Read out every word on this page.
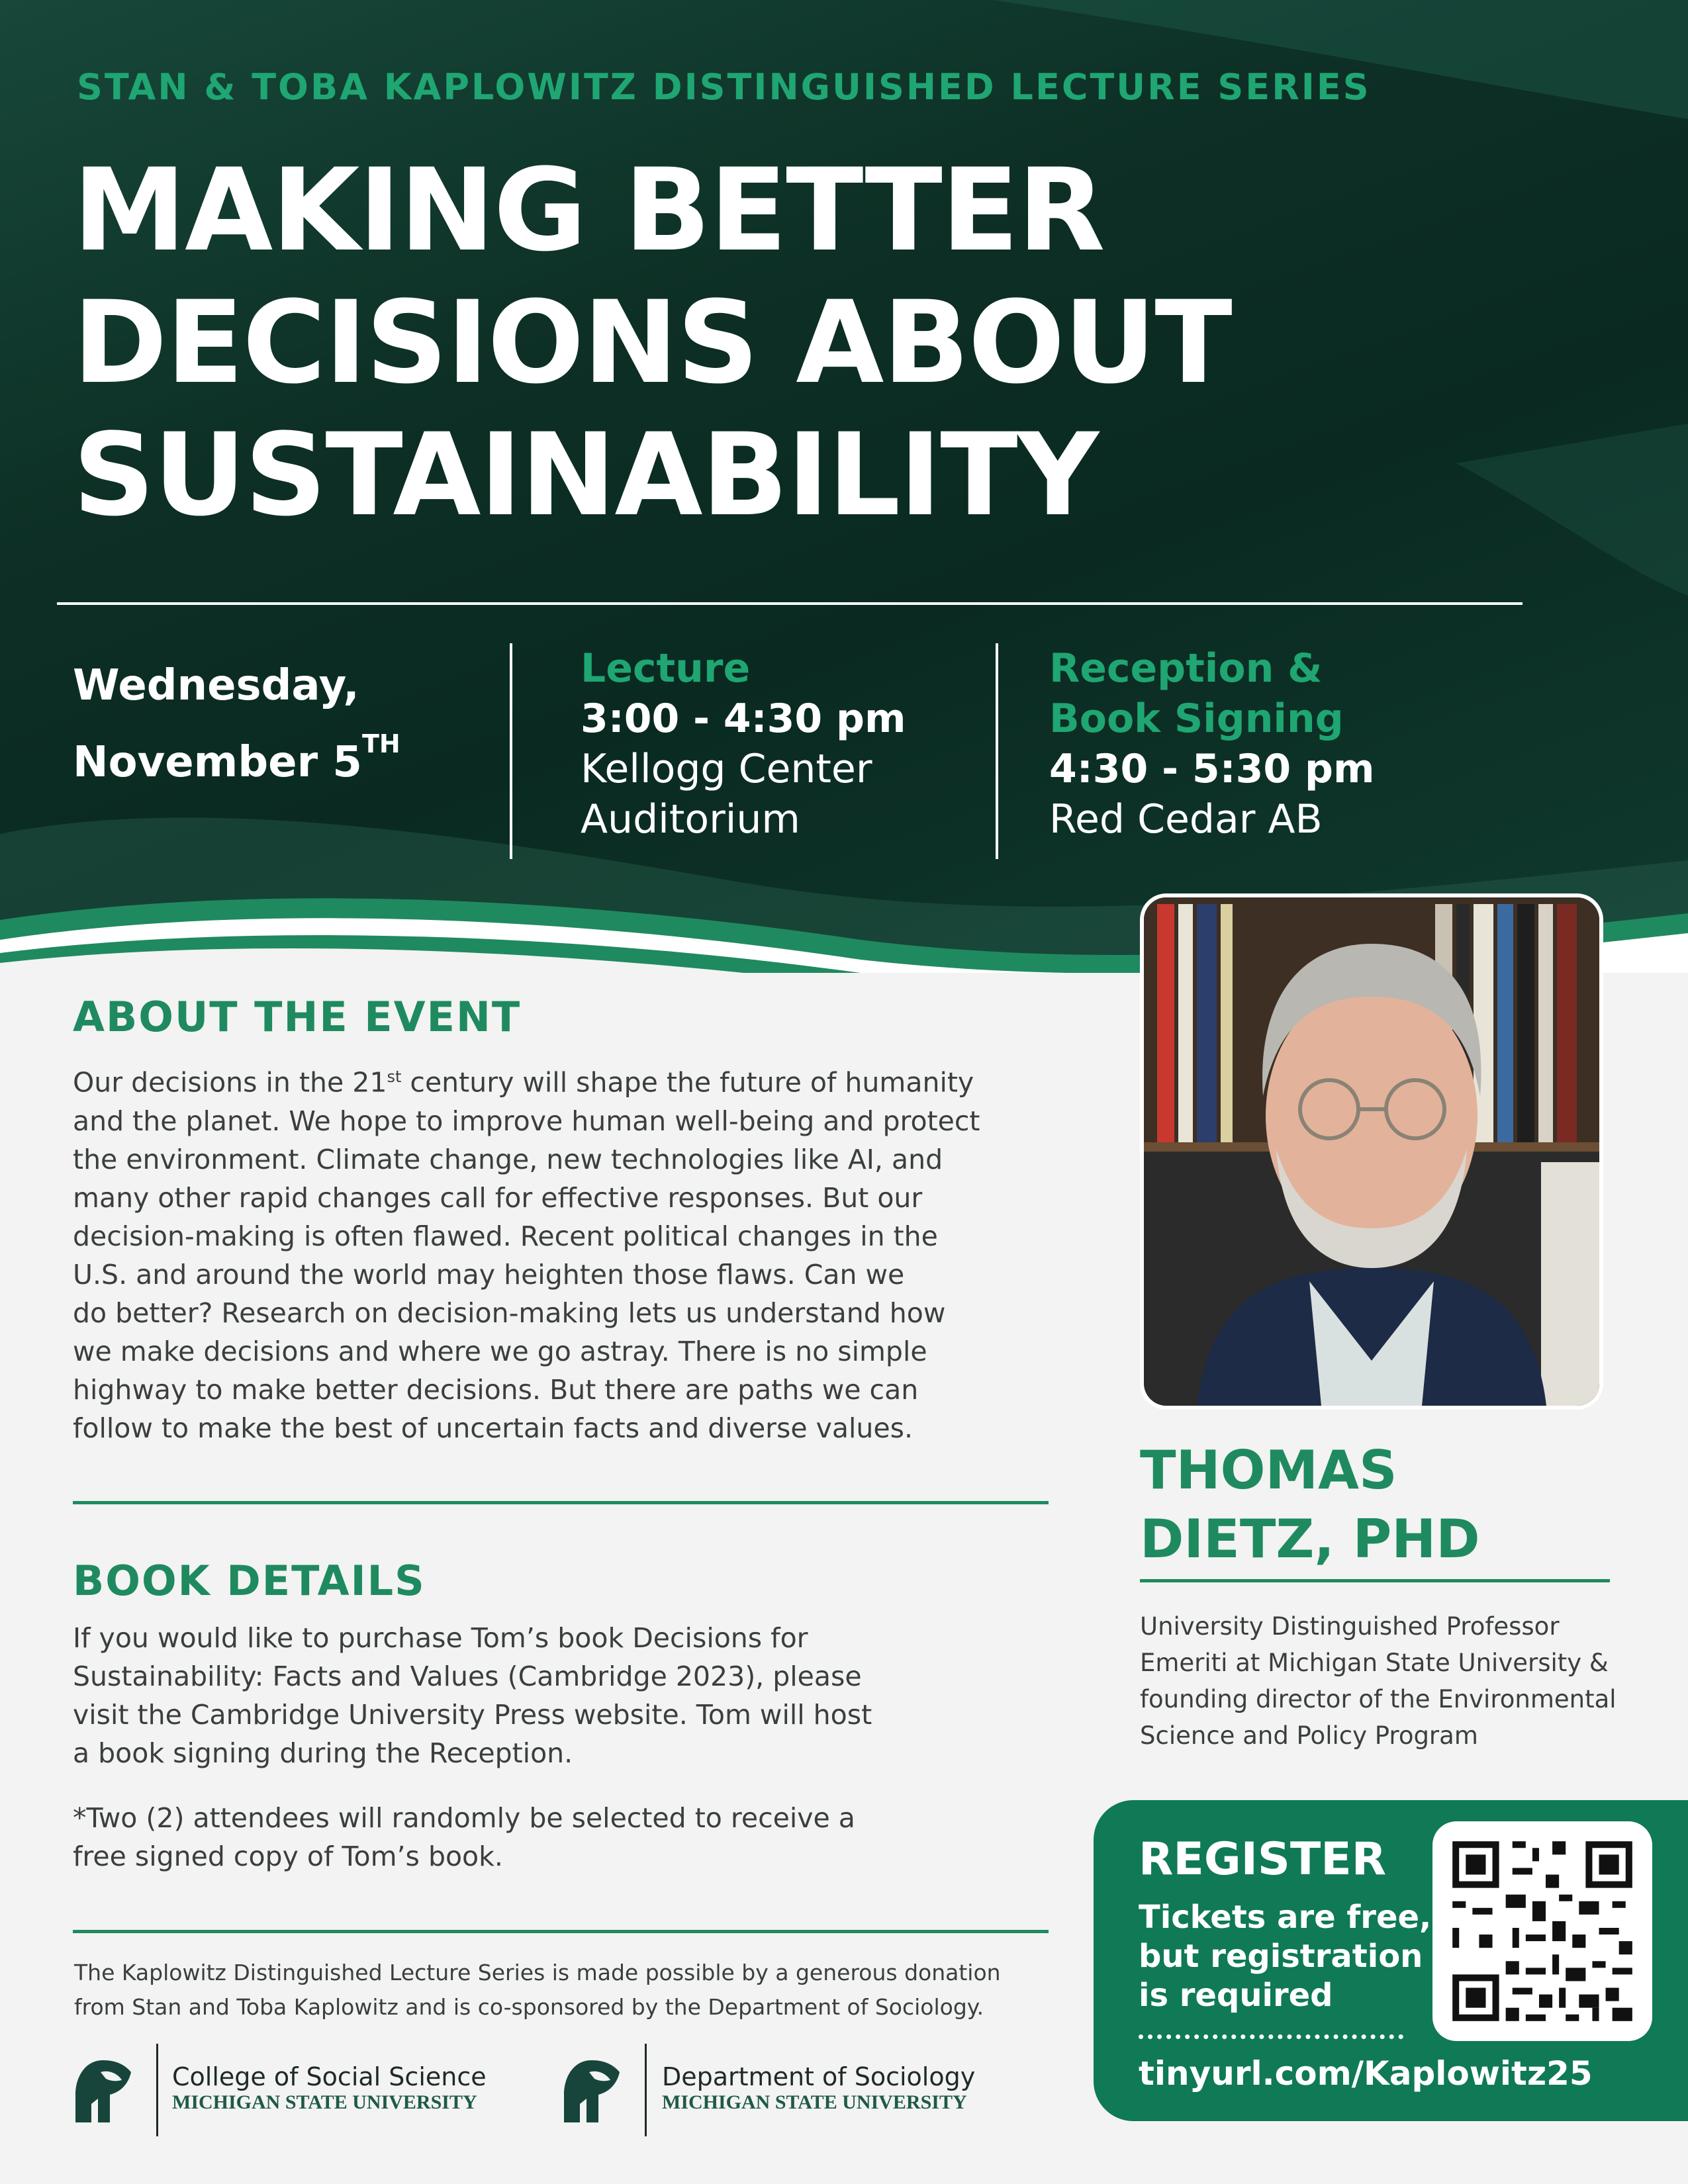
STAN & TOBA KAPLOWITZ DISTINGUISHED LECTURE SERIES
MAKING BETTER
DECISIONS ABOUT
SUSTAINABILITY
Wednesday,
November 5TH
Lecture
3:00 - 4:30 pm
Kellogg Center
Auditorium
Reception &
Book Signing
4:30 - 5:30 pm
Red Cedar AB
ABOUT THE EVENT
Our decisions in the 21st century will shape the future of humanity
and the planet. We hope to improve human well-being and protect
the environment. Climate change, new technologies like AI, and
many other rapid changes call for effective responses. But our
decision-making is often flawed. Recent political changes in the
U.S. and around the world may heighten those flaws. Can we
do better? Research on decision-making lets us understand how
we make decisions and where we go astray. There is no simple
highway to make better decisions. But there are paths we can
follow to make the best of uncertain facts and diverse values.
BOOK DETAILS
If you would like to purchase Tom’s book Decisions for
Sustainability: Facts and Values (Cambridge 2023), please
visit the Cambridge University Press website. Tom will host
a book signing during the Reception.
*Two (2) attendees will randomly be selected to receive a
free signed copy of Tom’s book.
THOMAS
DIETZ, PHD
University Distinguished Professor
Emeriti at Michigan State University &
founding director of the Environmental
Science and Policy Program
REGISTER
Tickets are free,
but registration
is required
tinyurl.com/Kaplowitz25
The Kaplowitz Distinguished Lecture Series is made possible by a generous donation
from Stan and Toba Kaplowitz and is co-sponsored by the Department of Sociology.
College of Social Science
MICHIGAN STATE UNIVERSITY
Department of Sociology
MICHIGAN STATE UNIVERSITY
